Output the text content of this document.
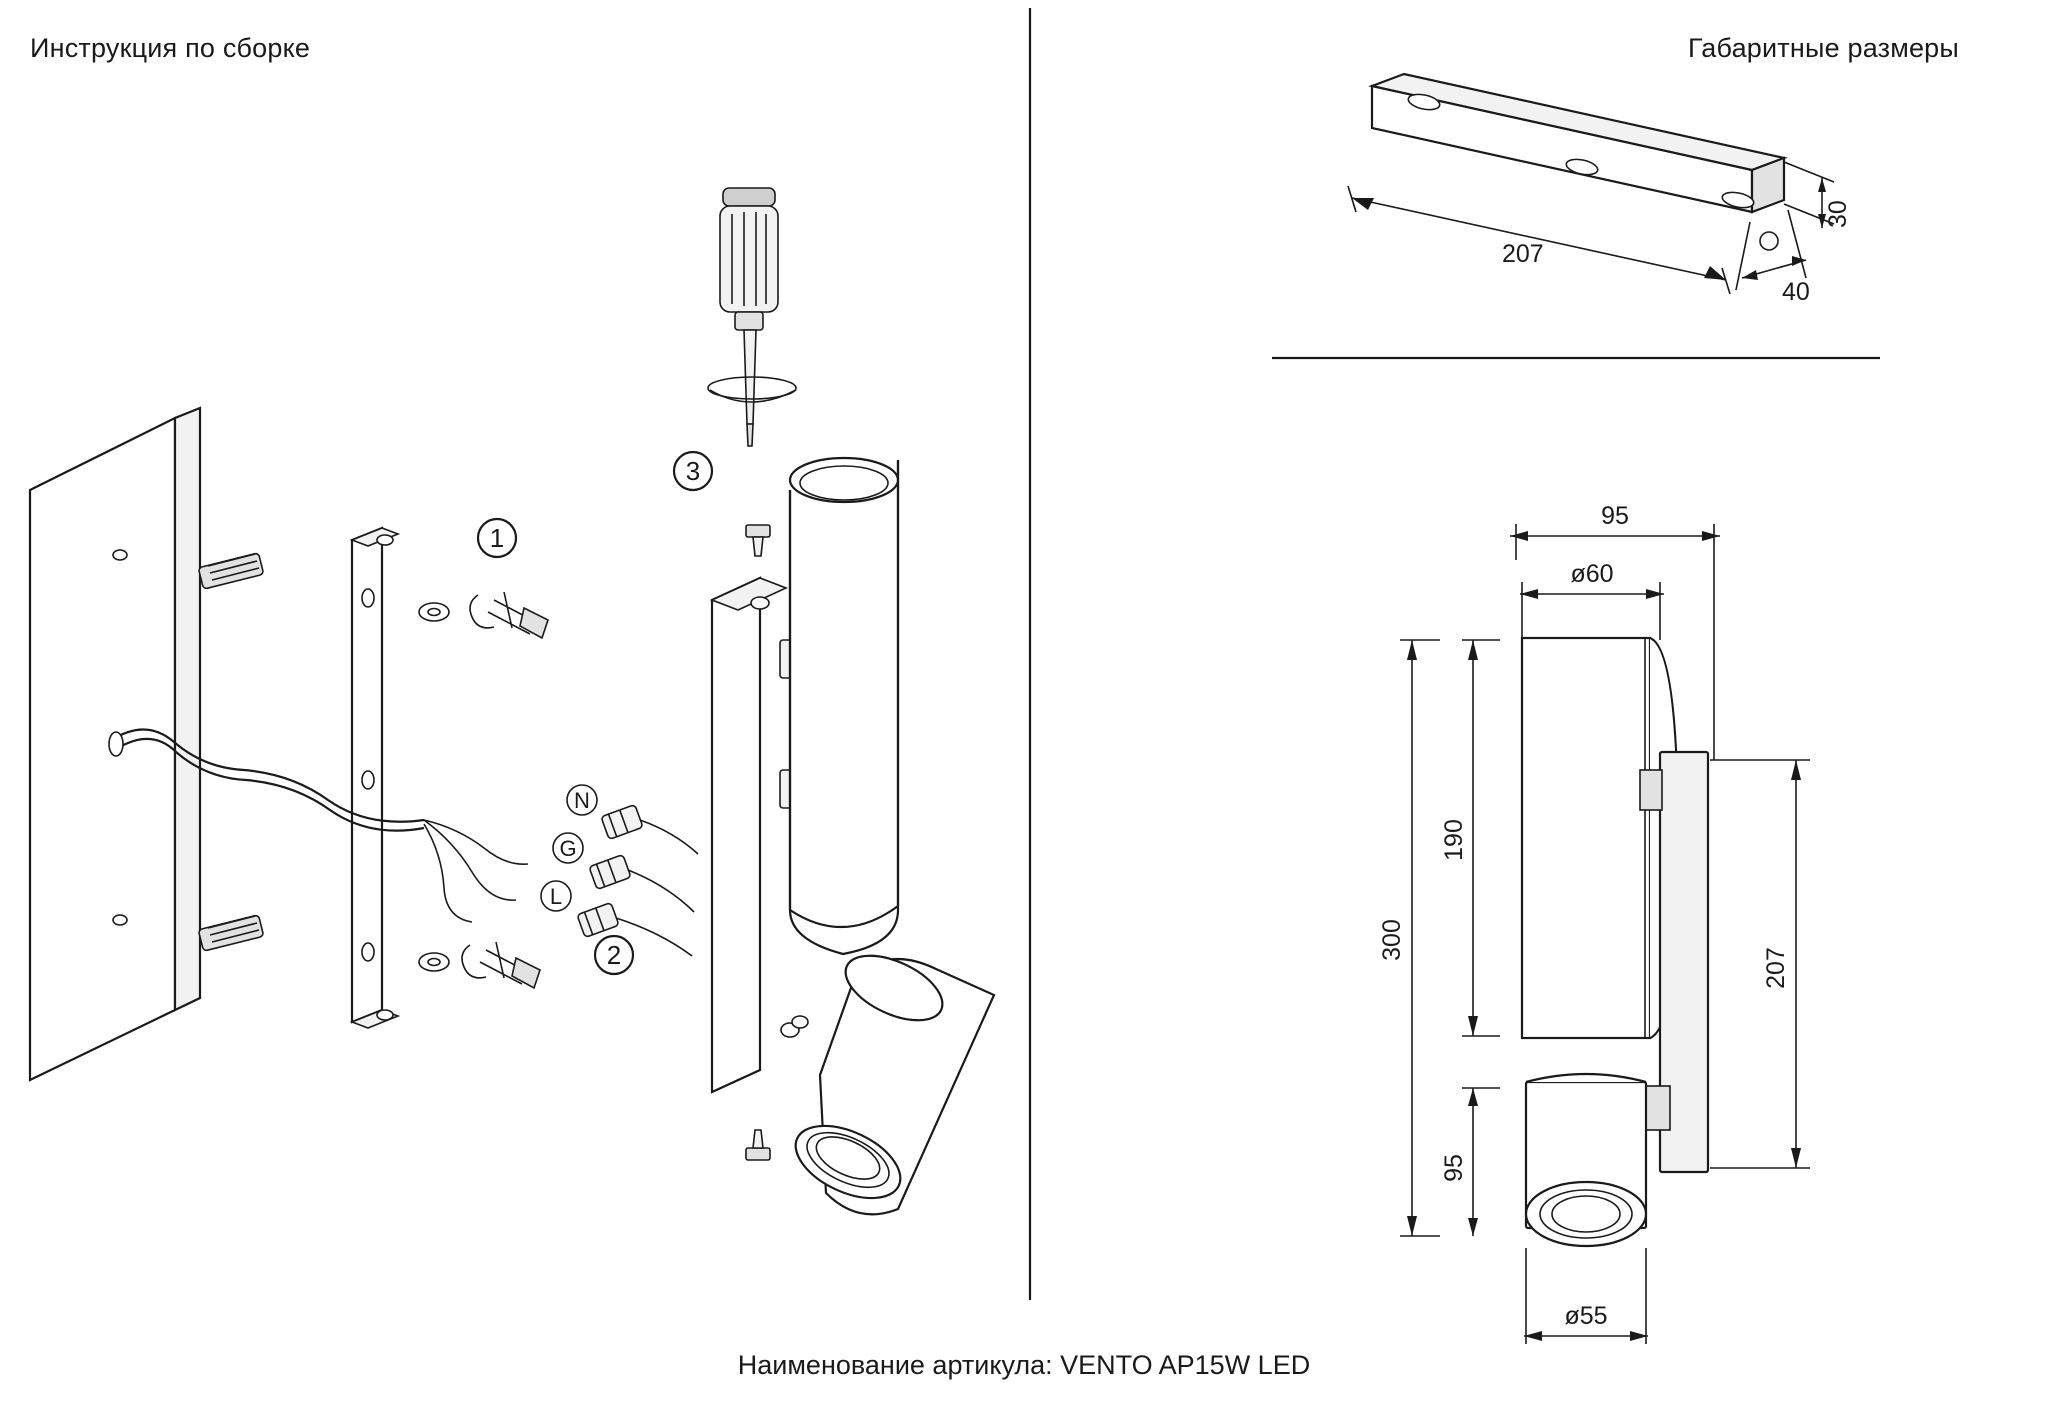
Инструкция по сборке	Габаритные размеры
Наименование артикула: VENTO AP15W LED
1
2
3
N
G
L
207
30
40
95
ø60
300
190
95
207
ø55
